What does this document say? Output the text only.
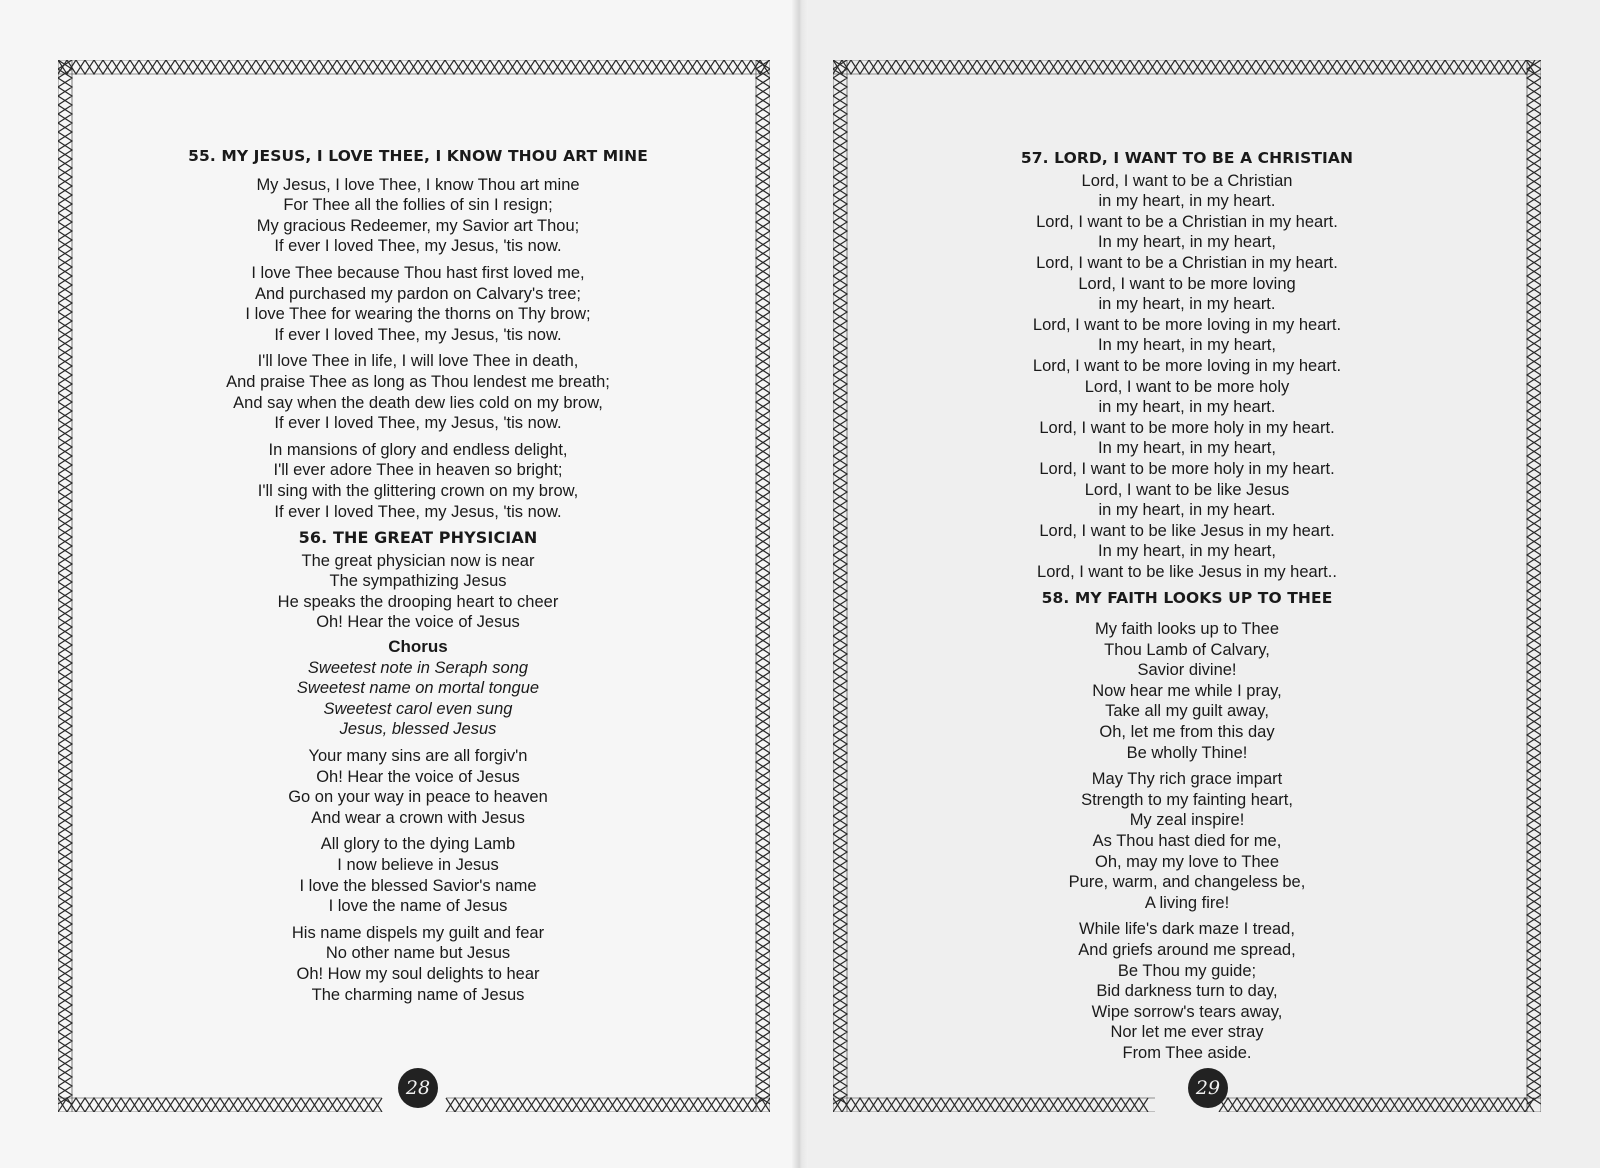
55. MY JESUS, I LOVE THEE, I KNOW THOU ART MINE
My Jesus, I love Thee, I know Thou art mine
For Thee all the follies of sin I resign;
My gracious Redeemer, my Savior art Thou;
If ever I loved Thee, my Jesus, 'tis now.
I love Thee because Thou hast first loved me,
And purchased my pardon on Calvary's tree;
I love Thee for wearing the thorns on Thy brow;
If ever I loved Thee, my Jesus, 'tis now.
I'll love Thee in life, I will love Thee in death,
And praise Thee as long as Thou lendest me breath;
And say when the death dew lies cold on my brow,
If ever I loved Thee, my Jesus, 'tis now.
In mansions of glory and endless delight,
I'll ever adore Thee in heaven so bright;
I'll sing with the glittering crown on my brow,
If ever I loved Thee, my Jesus, 'tis now.
56. THE GREAT PHYSICIAN
The great physician now is near
The sympathizing Jesus
He speaks the drooping heart to cheer
Oh! Hear the voice of Jesus
Chorus
Sweetest note in Seraph song
Sweetest name on mortal tongue
Sweetest carol even sung
Jesus, blessed Jesus
Your many sins are all forgiv'n
Oh! Hear the voice of Jesus
Go on your way in peace to heaven
And wear a crown with Jesus
All glory to the dying Lamb
I now believe in Jesus
I love the blessed Savior's name
I love the name of Jesus
His name dispels my guilt and fear
No other name but Jesus
Oh! How my soul delights to hear
The charming name of Jesus
57. LORD, I WANT TO BE A CHRISTIAN
Lord, I want to be a Christian
in my heart, in my heart.
Lord, I want to be a Christian in my heart.
In my heart, in my heart,
Lord, I want to be a Christian in my heart.
Lord, I want to be more loving
in my heart, in my heart.
Lord, I want to be more loving in my heart.
In my heart, in my heart,
Lord, I want to be more loving in my heart.
Lord, I want to be more holy
in my heart, in my heart.
Lord, I want to be more holy in my heart.
In my heart, in my heart,
Lord, I want to be more holy in my heart.
Lord, I want to be like Jesus
in my heart, in my heart.
Lord, I want to be like Jesus in my heart.
In my heart, in my heart,
Lord, I want to be like Jesus in my heart..
58. MY FAITH LOOKS UP TO THEE
My faith looks up to Thee
Thou Lamb of Calvary,
Savior divine!
Now hear me while I pray,
Take all my guilt away,
Oh, let me from this day
Be wholly Thine!
May Thy rich grace impart
Strength to my fainting heart,
My zeal inspire!
As Thou hast died for me,
Oh, may my love to Thee
Pure, warm, and changeless be,
A living fire!
While life's dark maze I tread,
And griefs around me spread,
Be Thou my guide;
Bid darkness turn to day,
Wipe sorrow's tears away,
Nor let me ever stray
From Thee aside.
28	29
